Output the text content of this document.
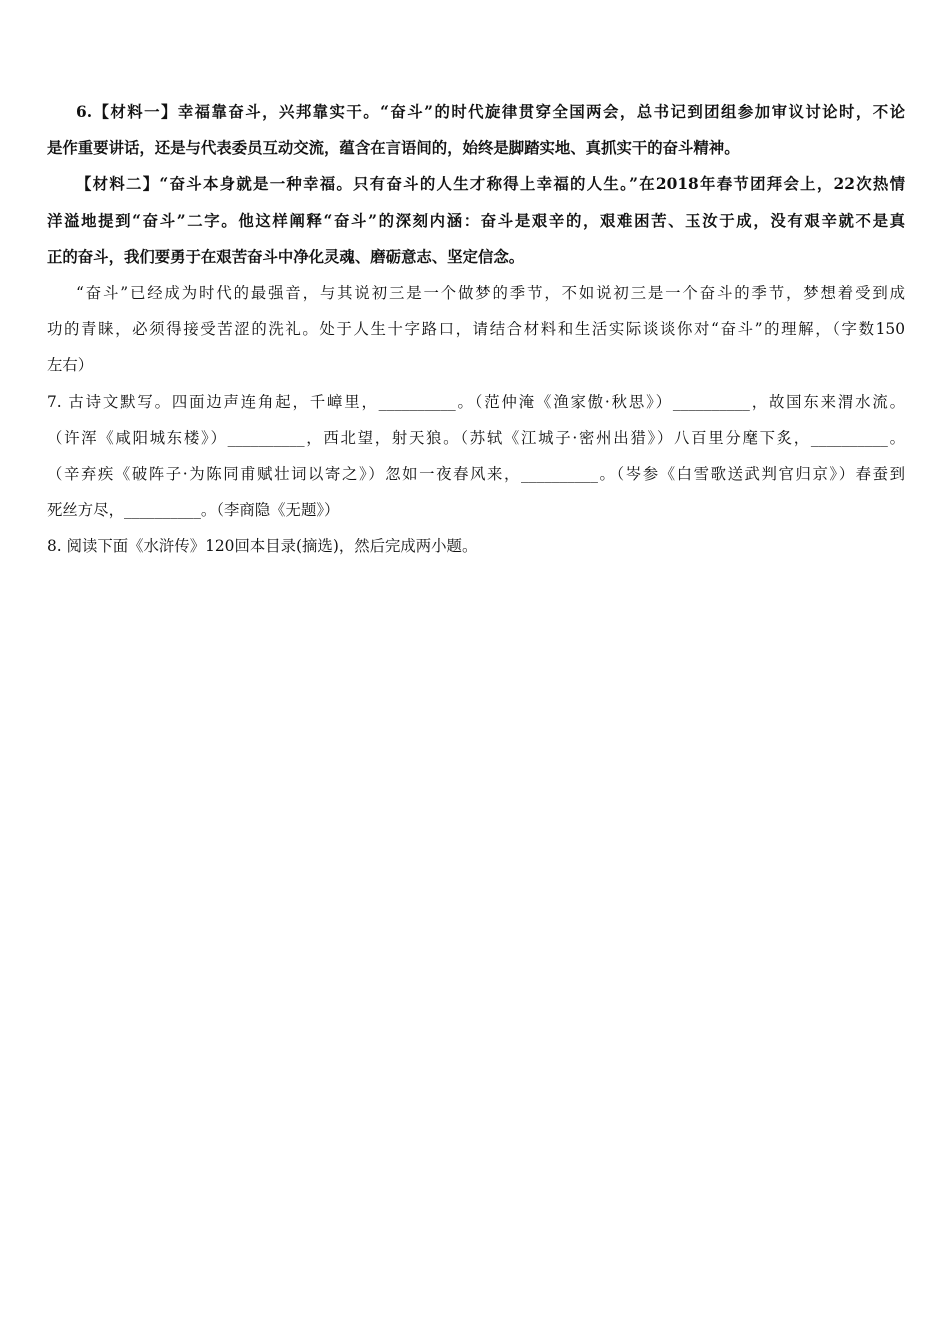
6.【材料一】幸福靠奋斗，兴邦靠实干。“奋斗”的时代旋律贯穿全国两会，总书记到团组参加审议讨论时，不论
是作重要讲话，还是与代表委员互动交流，蕴含在言语间的，始终是脚踏实地、真抓实干的奋斗精神。
【材料二】“奋斗本身就是一种幸福。只有奋斗的人生才称得上幸福的人生。”在2018年春节团拜会上，22次热情
洋溢地提到“奋斗”二字。他这样阐释“奋斗”的深刻内涵：奋斗是艰辛的，艰难困苦、玉汝于成，没有艰辛就不是真
正的奋斗，我们要勇于在艰苦奋斗中净化灵魂、磨砺意志、坚定信念。
“奋斗”已经成为时代的最强音，与其说初三是一个做梦的季节，不如说初三是一个奋斗的季节，梦想着受到成
功的青睐，必须得接受苦涩的洗礼。处于人生十字路口，请结合材料和生活实际谈谈你对“奋斗”的理解，（字数150
左右）
7. 古诗文默写。四面边声连角起，千嶂里，__________。（范仲淹《渔家傲·秋思》）__________，故国东来渭水流。
（许浑《咸阳城东楼》）__________，西北望，射天狼。（苏轼《江城子·密州出猎》）八百里分麾下炙，__________。
（辛弃疾《破阵子·为陈同甫赋壮词以寄之》）忽如一夜春风来，__________。（岑参《白雪歌送武判官归京》）春蚕到
死丝方尽，__________。（李商隐《无题》）
8. 阅读下面《水浒传》120回本目录(摘选)，然后完成两小题。
